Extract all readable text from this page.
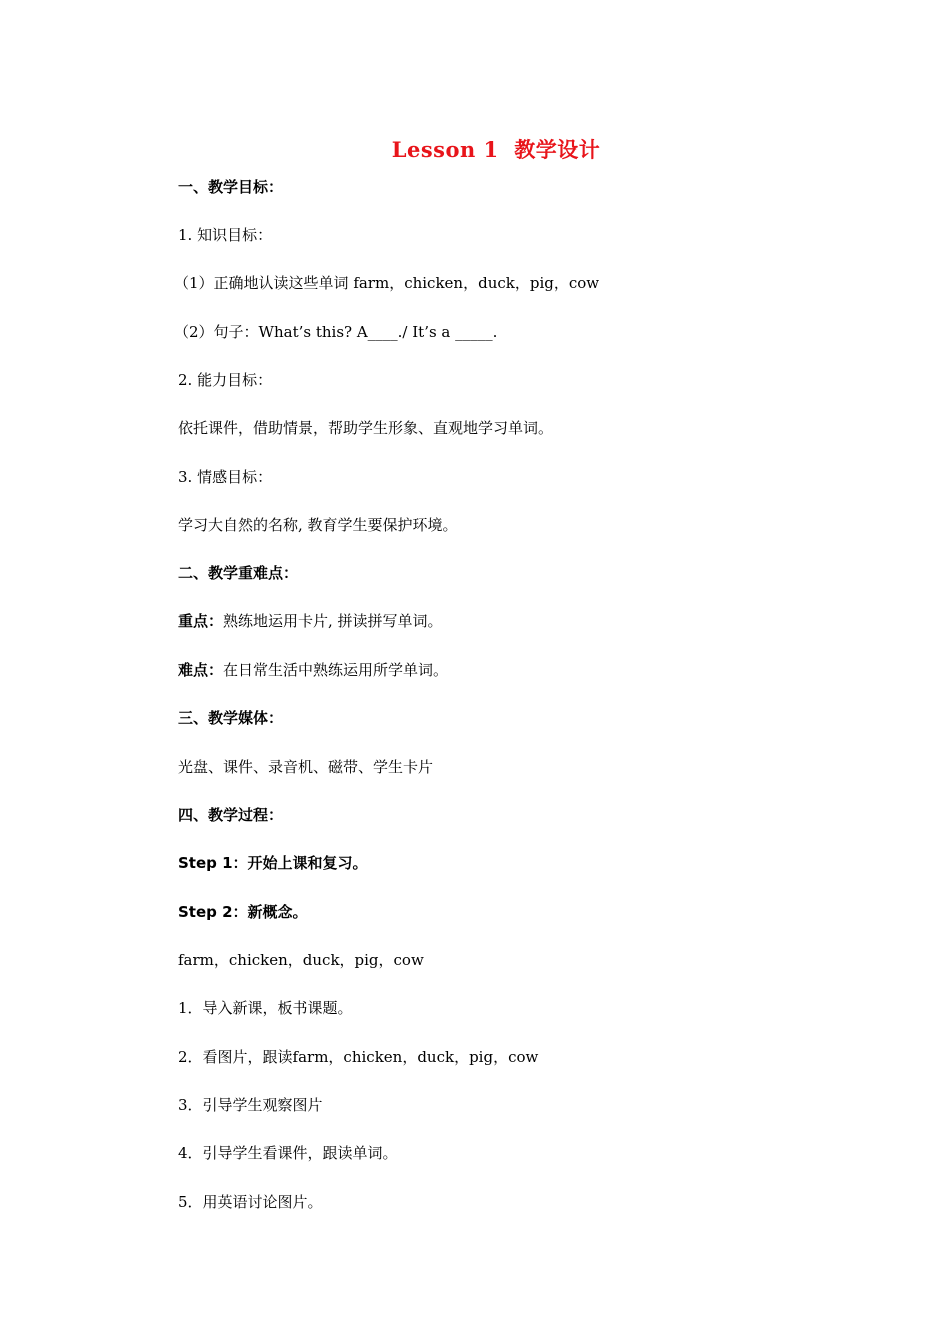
Lesson 1  教学设计
一、教学目标：
1. 知识目标：
（1）正确地认读这些单词 farm，chicken，duck，pig，cow
（2）句子：What’s this? A____./ It’s a _____.
2. 能力目标：
依托课件，借助情景，帮助学生形象、直观地学习单词。
3. 情感目标：
学习大自然的名称, 教育学生要保护环境。
二、教学重难点：
重点：熟练地运用卡片, 拼读拼写单词。
难点：在日常生活中熟练运用所学单词。
三、教学媒体：
光盘、课件、录音机、磁带、学生卡片
四、教学过程：
Step 1：开始上课和复习。
Step 2：新概念。
farm，chicken，duck，pig，cow
1．导入新课，板书课题。
2．看图片，跟读farm，chicken，duck，pig，cow
3．引导学生观察图片
4．引导学生看课件，跟读单词。
5．用英语讨论图片。
